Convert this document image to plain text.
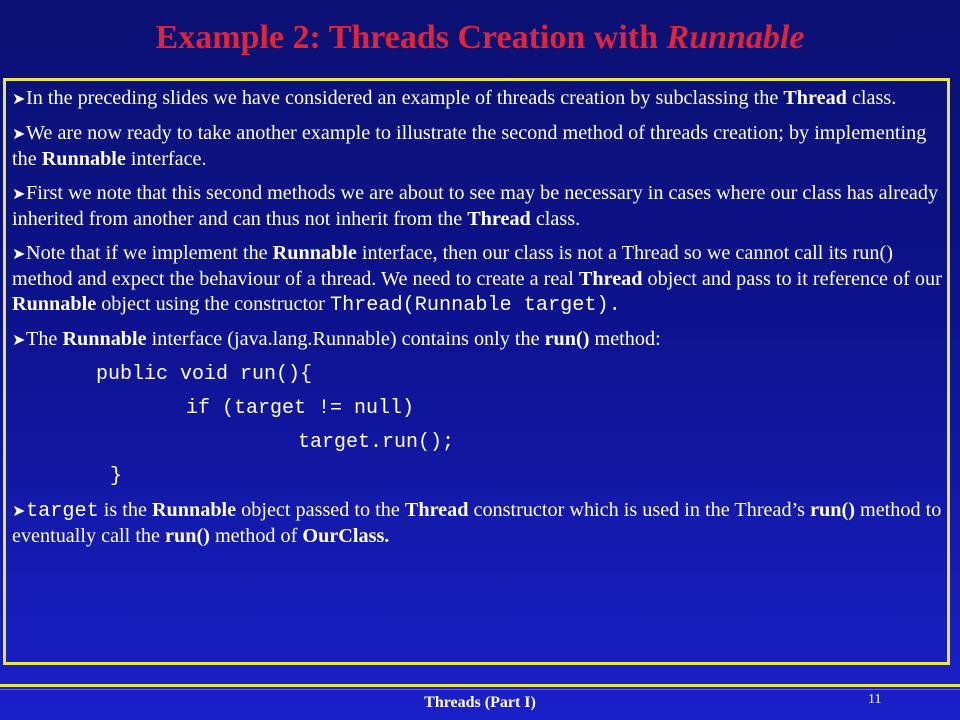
Example 2: Threads Creation with Runnable
➤In the preceding slides we have considered an example of threads creation by subclassing the Thread class.
➤We are now ready to take another example to illustrate the second method of threads creation; by implementing the Runnable interface.
➤First we note that this second methods we are about to see may be necessary in cases where our class has already inherited from another and can thus not inherit from the Thread class.
➤Note that if we implement the Runnable interface, then our class is not a Thread so we cannot call its run() method and expect the behaviour of a thread. We need to create a real Thread object and pass to it reference of our Runnable object using the constructor Thread(Runnable target).
➤The Runnable interface (java.lang.Runnable) contains only the run() method:
public void run(){
if (target != null)
target.run();
}
➤target is the Runnable object passed to the Thread constructor which is used in the Thread’s run() method to eventually call the run() method of OurClass.
Threads (Part I)	11
